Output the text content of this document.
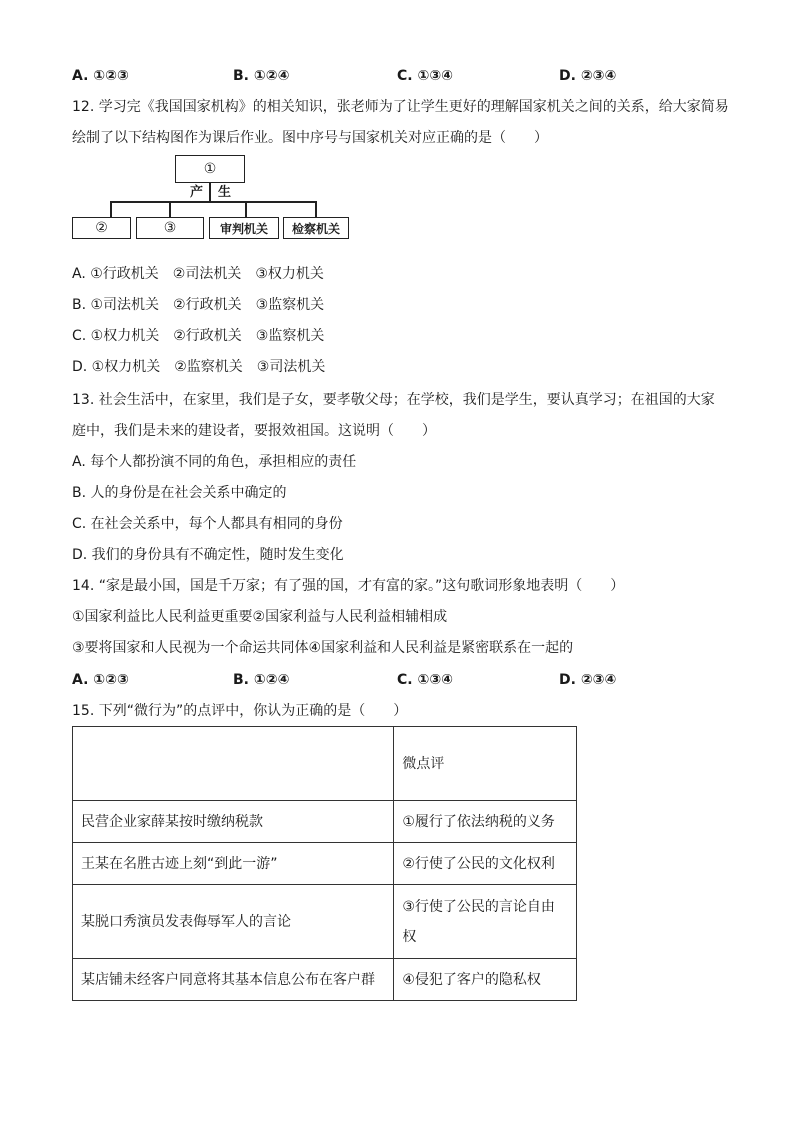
A. ①②③	B. ①②④	C. ①③④	D. ②③④
12. 学习完《我国国家机构》的相关知识，张老师为了让学生更好的理解国家机关之间的关系，给大家简易
绘制了以下结构图作为课后作业。图中序号与国家机关对应正确的是（　　）
①
产 生
②	③	审判机关	检察机关
A. ①行政机关　②司法机关　③权力机关
B. ①司法机关　②行政机关　③监察机关
C. ①权力机关　②行政机关　③监察机关
D. ①权力机关　②监察机关　③司法机关
13. 社会生活中，在家里，我们是子女，要孝敬父母；在学校，我们是学生，要认真学习；在祖国的大家
庭中，我们是未来的建设者，要报效祖国。这说明（　　）
A. 每个人都扮演不同的角色，承担相应的责任
B. 人的身份是在社会关系中确定的
C. 在社会关系中，每个人都具有相同的身份
D. 我们的身份具有不确定性，随时发生变化
14. “家是最小国，国是千万家；有了强的国，才有富的家。”这句歌词形象地表明（　　）
①国家利益比人民利益更重要②国家利益与人民利益相辅相成
③要将国家和人民视为一个命运共同体④国家利益和人民利益是紧密联系在一起的
A. ①②③	B. ①②④	C. ①③④	D. ②③④
15. 下列“微行为”的点评中，你认为正确的是（　　）
	微点评
民营企业家薛某按时缴纳税款	①履行了依法纳税的义务
王某在名胜古迹上刻“到此一游”	②行使了公民的文化权利
某脱口秀演员发表侮辱军人的言论	③行使了公民的言论自由权
某店铺未经客户同意将其基本信息公布在客户群	④侵犯了客户的隐私权
